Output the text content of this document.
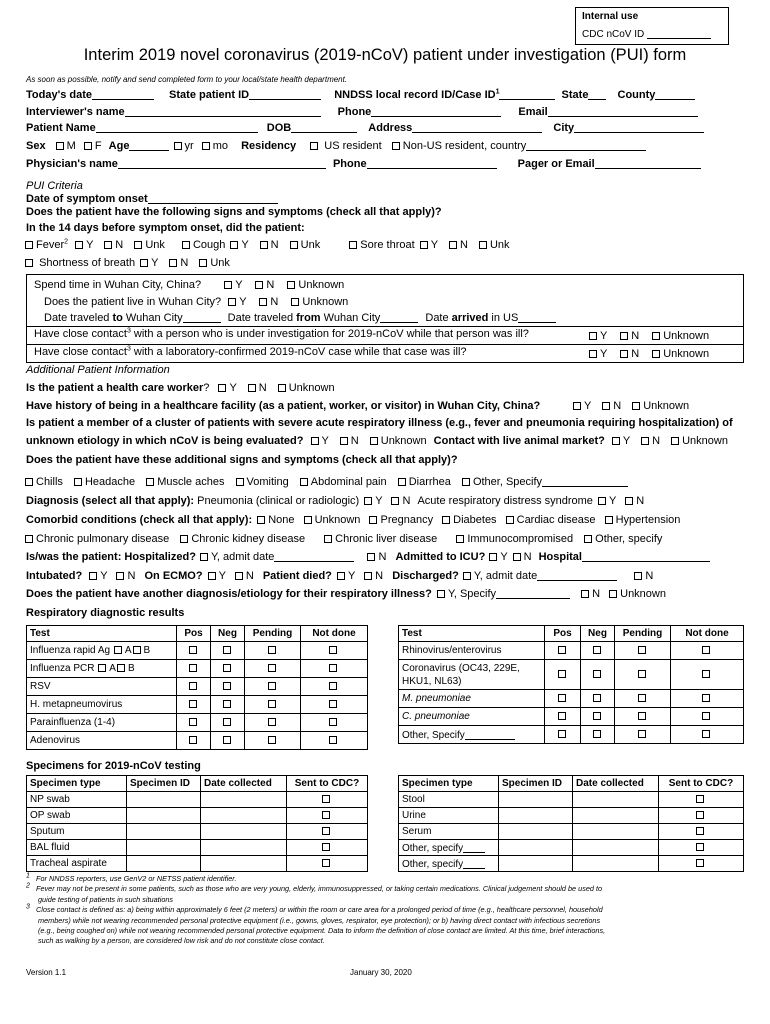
Internal use
CDC nCoV ID
Interim 2019 novel coronavirus (2019-nCoV) patient under investigation (PUI) form
As soon as possible, notify and send completed form to your local/state health department.
Today's date	State patient ID	NNDSS local record ID/Case $ID^1$	State	County
Interviewer's name	Phone	Email
Patient Name	DOB	Address	City
Sex M F Age	yr mo Residency	US resident Non-US resident, country
Physician's name	Phone	Pager or Email
PUI Criteria
Date of symptom onset
Does the patient have the following signs and symptoms (check all that apply)?
In the 14 days before symptom onset, did the patient:
Fever$^2$ Y N Unk	Cough Y N Unk	Sore throat Y N Unk
Shortness of breath Y N Unk
Spend time in Wuhan City, China?	Y N Unknown
Does the patient live in Wuhan City? Y N Unknown
Date traveled to Wuhan City	Date traveled from Wuhan City	Date arrived in US
Have close contact$^3$ with a person who is under investigation for 2019-nCoV while that person was ill?	Y N Unknown
Have close contact$^3$ with a laboratory-confirmed 2019-nCoV case while that case was ill?	Y N Unknown
Additional Patient Information
Is the patient a health care worker? Y N Unknown
Have history of being in a healthcare facility (as a patient, worker, or visitor) in Wuhan City, China?	Y N Unknown
Is patient a member of a cluster of patients with severe acute respiratory illness (e.g., fever and pneumonia requiring hospitalization) of
unknown etiology in which nCoV is being evaluated? Y N Unknown Contact with live animal market? Y N Unknown
Does the patient have these additional signs and symptoms (check all that apply)?
Chills Headache Muscle aches Vomiting Abdominal pain Diarrhea Other, Specify
Diagnosis (select all that apply): Pneumonia (clinical or radiologic) Y N Acute respiratory distress syndrome Y N
Comorbid conditions (check all that apply): None Unknown Pregnancy Diabetes Cardiac disease Hypertension
Chronic pulmonary disease Chronic kidney disease	Chronic liver disease	Immunocompromised Other, specify
Is/was the patient: Hospitalized? Y, admit date	N Admitted to ICU? Y N Hospital
Intubated? Y N On ECMO? Y N Patient died? Y N Discharged? Y, admit date	N
Does the patient have another diagnosis/etiology for their respiratory illness? Y, Specify	N Unknown
Respiratory diagnostic results
Test	Pos	Neg	Pending	Not done
Influenza rapid Ag A B				
Influenza PCR A B				
RSV				
H. metapneumovirus				
Parainfluenza (1-4)				
Adenovirus				
Test	Pos	Neg	Pending	Not done
Rhinovirus/enterovirus				
Coronavirus (OC43, 229E,
HKU1, NL63)				
M. pneumoniae				
C. pneumoniae				
Other, Specify				
Specimens for 2019-nCoV testing
Specimen type	Specimen ID	Date collected	Sent to CDC?
NP swab			
OP swab			
Sputum			
BAL fluid			
Tracheal aspirate			
Specimen type	Specimen ID	Date collected	Sent to CDC?
Stool			
Urine			
Serum			
Other, specify			
Other, specify			
1 For NNDSS reporters, use GenV2 or NETSS patient identifier.
2 Fever may not be present in some patients, such as those who are very young, elderly, immunosuppressed, or taking certain medications. Clinical judgement should be used to
guide testing of patients in such situations
3 Close contact is defined as: a) being within approximately 6 feet (2 meters) or within the room or care area for a prolonged period of time (e.g., healthcare personnel, household
members) while not wearing recommended personal protective equipment (i.e., gowns, gloves, respirator, eye protection); or b) having direct contact with infectious secretions
(e.g., being coughed on) while not wearing recommended personal protective equipment. Data to inform the definition of close contact are limited. At this time, brief interactions,
such as walking by a person, are considered low risk and do not constitute close contact.
Version 1.1	January 30, 2020
